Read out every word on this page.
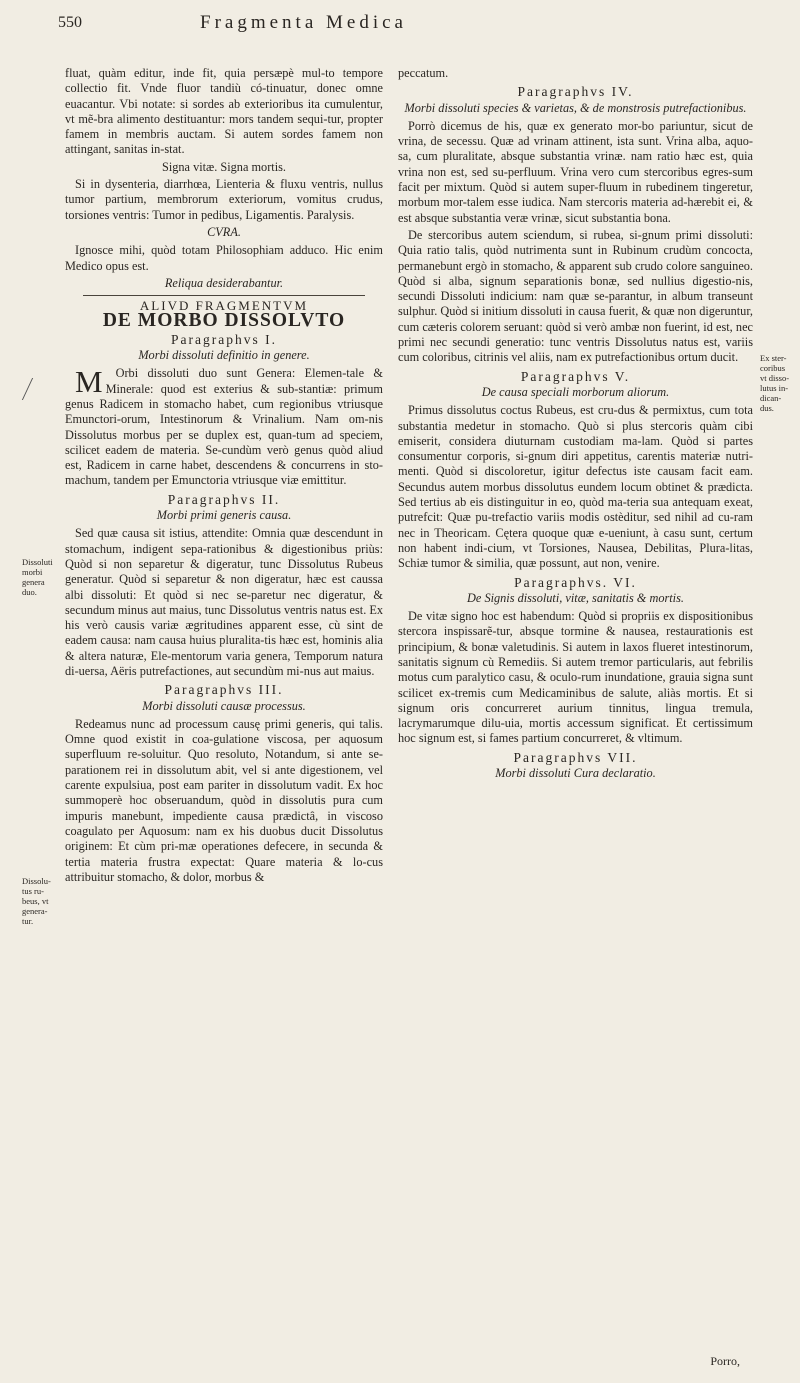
550	Fragmenta Medica

fluat, quàm editur, inde fit, quia persæpè mul-to tempore collectio fit. Vnde fluor tandiù có-tinuatur, donec omne euacantur. Vbi notate: si sordes ab exterioribus ita cumulentur, vt mẽ-bra alimento destituantur: mors tandem sequi-tur, propter famem in membris auctam. Si autem sordes famem non attingant, sanitas in-stat.

Signa vitæ. Signa mortis.

Si in dysenteria, diarrhœa, Lienteria & fluxu ventris, nullus tumor partium, membrorum exteriorum, vomitus crudus, torsiones ventris: Tumor in pedibus, Ligamentis. Paralysis.

CVRA.

Ignosce mihi, quòd totam Philosophiam adduco. Hic enim Medico opus est.

Reliqua desiderabantur.
ALIVD FRAGMENTVM
DE MORBO DISSOLVTO
Paragraphvs I.
Morbi dissoluti definitio in genere.

M Orbi dissoluti duo sunt Genera: Elemen-tale & Minerale: quod est exterius & sub-stantiæ: primum genus Radicem in stomacho habet, cum regionibus vtriusque Emunctori-orum, Intestinorum & Vrinalium. Nam om-nis Dissolutus morbus per se duplex est, quan-tum ad speciem, scilicet eadem de materia. Se-cundùm verò genus quòd aliud est, Radicem in carne habet, descendens & concurrens in sto-machum, tandem per Emunctoria vtriusque viæ emittitur.

Paragraphvs II.
Morbi primi generis causa.

Sed quæ causa sit istius, attendite: Omnia quæ descendunt in stomachum, indigent sepa-rationibus & digestionibus priùs: Quòd si non separetur & digeratur, tunc Dissolutus Rubeus generatur. Quòd si separetur & non digeratur, hæc est caussa albi dissoluti: Et quòd si nec se-paretur nec digeratur, & secundum minus aut maius, tunc Dissolutus ventris natus est. Ex his verò causis variæ ægritudines apparent esse, cù sint de eadem causa: nam causa huius pluralita-tis hæc est, hominis alia & altera naturæ, Ele-mentorum varia genera, Temporum natura di-uersa, Aëris putrefactiones, aut secundùm mi-nus aut maius.

Paragraphvs III.
Morbi dissoluti causæ processus.

Redeamus nunc ad processum causę primi generis, qui talis. Omne quod existit in coa-gulatione viscosa, per aquosum superfluum re-soluitur. Quo resoluto, Notandum, si ante se-parationem rei in dissolutum abit, vel si ante digestionem, vel carente expulsiua, post eam pariter in dissolutum vadit. Ex hoc summoperè hoc obseruandum, quòd in dissolutis pura cum impuris manebunt, impediente causa prædictâ, in viscoso coagulato per Aquosum: nam ex his duobus ducit Dissolutus originem: Et cùm pri-mæ operationes defecere, in secunda & tertia materia frustra expectat: Quare materia & lo-cus attribuitur stomacho, & dolor, morbus &

peccatum.

Paragraphvs IV.
Morbi dissoluti species & varietas, & de monstrosis putrefactionibus.

Porrò dicemus de his, quæ ex generato mor-bo pariuntur, sicut de vrina, de secessu. Quæ ad vrinam attinent, ista sunt. Vrina alba, aquo-sa, cum pluralitate, absque substantia vrinæ. nam ratio hæc est, quia vrina non est, sed su-perfluum. Vrina vero cum stercoribus egres-sum facit per mixtum. Quòd si autem super-fluum in rubedinem tingeretur, morbum mor-talem esse iudica. Nam stercoris materia ad-hærebit ei, & est absque substantia veræ vrinæ, sicut substantia bona.

De stercoribus autem sciendum, si rubea, si-gnum primi dissoluti: Quia ratio talis, quòd nutrimenta sunt in Rubinum crudùm concocta, permanebunt ergò in stomacho, & apparent sub crudo colore sanguineo. Quòd si alba, signum separationis bonæ, sed nullius digestio-nis, secundi Dissoluti indicium: nam quæ se-parantur, in album transeunt sulphur. Quòd si initium dissoluti in causa fuerit, & quæ non digeruntur, cum cæteris colorem seruant: quòd si verò ambæ non fuerint, id est, nec primi nec secundi generatio: tunc ventris Dissolutus natus est, variis cum coloribus, citrinis vel aliis, nam ex putrefactionibus ortum ducit.

Paragraphvs V.
De causa speciali morborum aliorum.

Primus dissolutus coctus Rubeus, est cru-dus & permixtus, cum tota substantia medetur in stomacho. Quò si plus stercoris quàm cibi emiserit, considera diuturnam custodiam ma-lam. Quòd si partes consumentur corporis, si-gnum diri appetitus, carentis materiæ nutri-menti. Quòd si discoloretur, igitur defectus iste causam facit eam. Secundus autem morbus dissolutus eundem locum obtinet & prædicta. Sed tertius ab eis distinguitur in eo, quòd ma-teria sua antequam exeat, putrefcit: Quæ pu-trefactio variis modis ostèditur, sed nihil ad cu-ram nec in Theoricam. Cętera quoque quæ e-ueniunt, à casu sunt, certum non habent indi-cium, vt Torsiones, Nausea, Debilitas, Plura-litas, Schiæ tumor & similia, quæ possunt, aut non, venire.

Paragraphvs. VI.
De Signis dissoluti, vitæ, sanitatis & mortis.

De vitæ signo hoc est habendum: Quòd si propriis ex dispositionibus stercora inspissarẽ-tur, absque tormine & nausea, restaurationis est principium, & bonæ valetudinis. Si autem in laxos flueret intestinorum, sanitatis signum cù Remediis. Si autem tremor particularis, aut febrilis motus cum paralytico casu, & oculo-rum inundatione, grauia signa sunt scilicet ex-tremis cum Medicaminibus de salute, aliàs mortis. Et si signum oris concurreret aurium tinnitus, lingua tremula, lacrymarumque dilu-uia, mortis accessum significat. Et certissimum hoc signum est, si fames partium concurreret, & vltimum.

Paragraphvs VII.
Morbi dissoluti Cura declaratio.
Dissoluti morbi genera duo.
Dissolu-tus ru-beus, vt genera-tur.
Ex ster-coribus vt disso-lutus in-dican-dus.
Porro,
